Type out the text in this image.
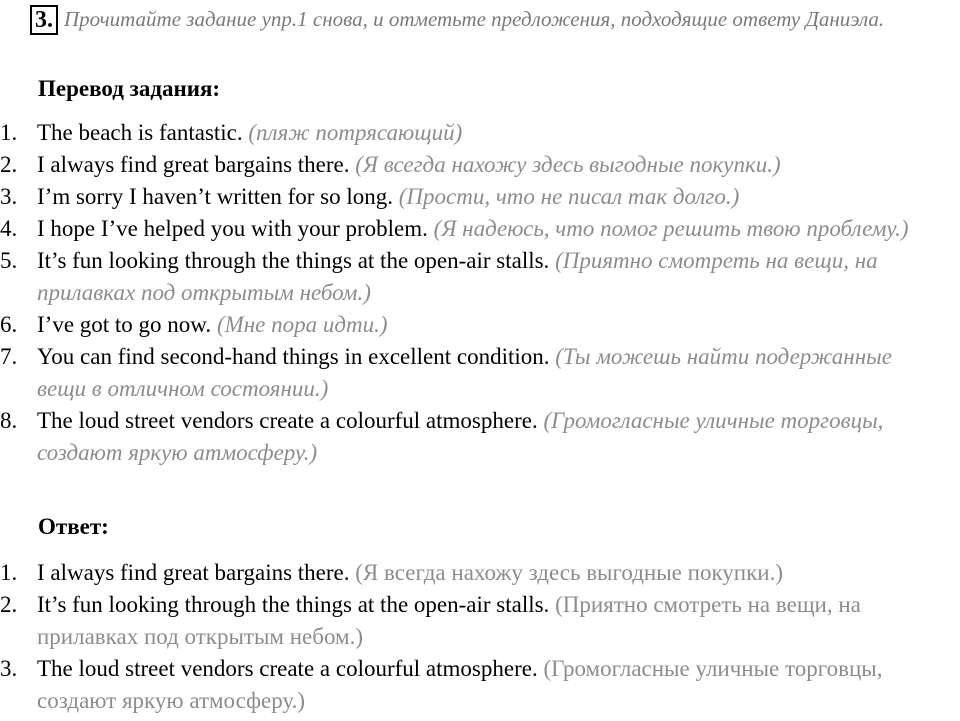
3. Прочитайте задание упр.1 снова, и отметьте предложения, подходящие ответу Даниэла.
Перевод задания:
1. The beach is fantastic. (пляж потрясающий)
2. I always find great bargains there. (Я всегда нахожу здесь выгодные покупки.)
3. I’m sorry I haven’t written for so long. (Прости, что не писал так долго.)
4. I hope I’ve helped you with your problem. (Я надеюсь, что помог решить твою проблему.)
5. It’s fun looking through the things at the open-air stalls. (Приятно смотреть на вещи, на прилавках под открытым небом.)
6. I’ve got to go now. (Мне пора идти.)
7. You can find second-hand things in excellent condition. (Ты можешь найти подержанные вещи в отличном состоянии.)
8. The loud street vendors create a colourful atmosphere. (Громогласные уличные торговцы, создают яркую атмосферу.)
Ответ:
1. I always find great bargains there. (Я всегда нахожу здесь выгодные покупки.)
2. It’s fun looking through the things at the open-air stalls. (Приятно смотреть на вещи, на прилавках под открытым небом.)
3. The loud street vendors create a colourful atmosphere. (Громогласные уличные торговцы, создают яркую атмосферу.)
